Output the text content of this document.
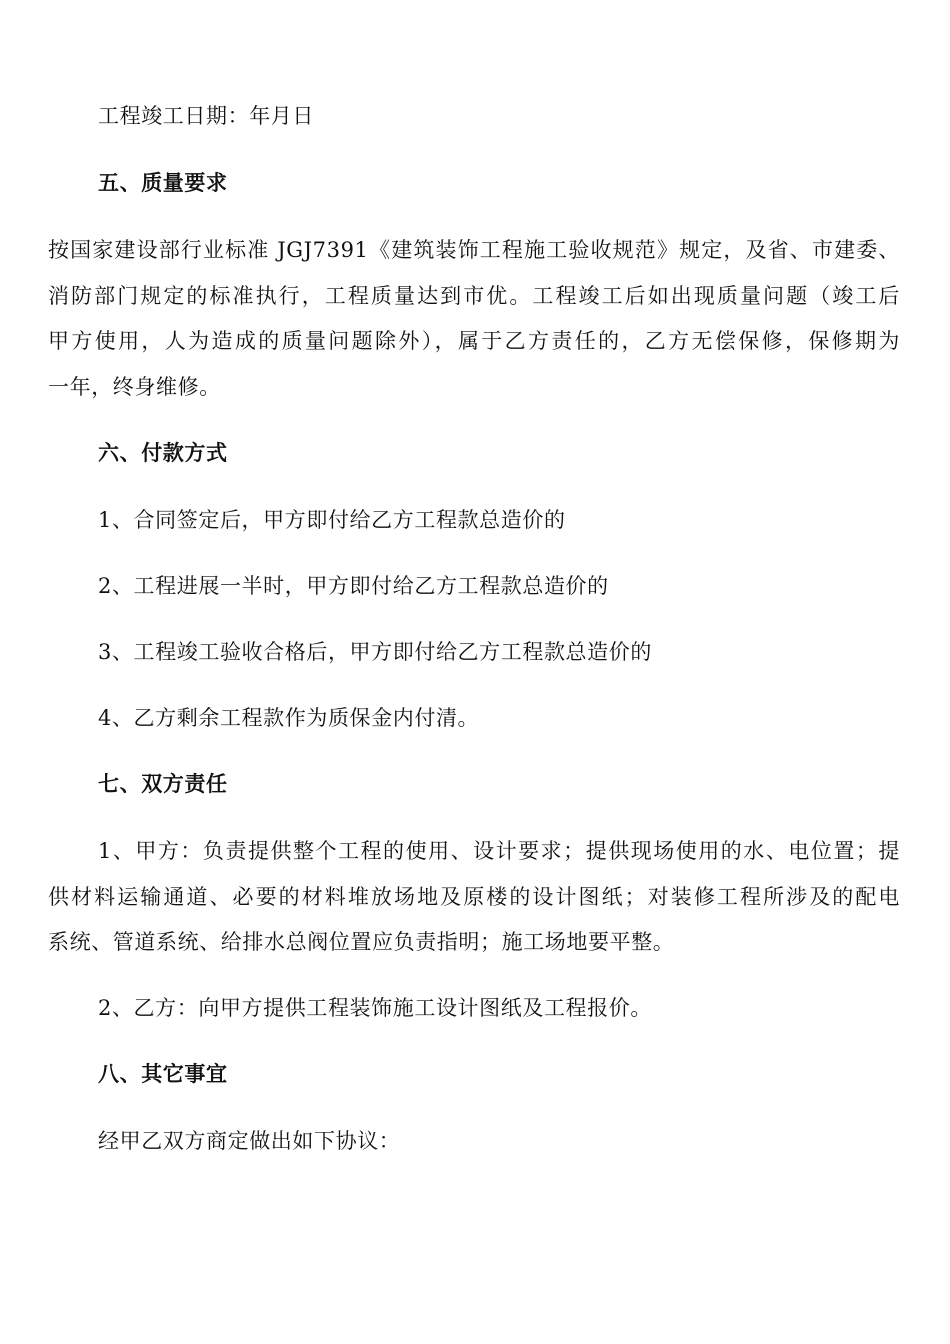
工程竣工日期：年月日
五、质量要求
按国家建设部行业标准 JGJ7391《建筑装饰工程施工验收规范》规定，及省、市建委、
消防部门规定的标准执行，工程质量达到市优。工程竣工后如出现质量问题（竣工后
甲方使用，人为造成的质量问题除外），属于乙方责任的，乙方无偿保修，保修期为
一年，终身维修。
六、付款方式
1、合同签定后，甲方即付给乙方工程款总造价的
2、工程进展一半时，甲方即付给乙方工程款总造价的
3、工程竣工验收合格后，甲方即付给乙方工程款总造价的
4、乙方剩余工程款作为质保金内付清。
七、双方责任
1、甲方：负责提供整个工程的使用、设计要求；提供现场使用的水、电位置；提
供材料运输通道、必要的材料堆放场地及原楼的设计图纸；对装修工程所涉及的配电
系统、管道系统、给排水总阀位置应负责指明；施工场地要平整。
2、乙方：向甲方提供工程装饰施工设计图纸及工程报价。
八、其它事宜
经甲乙双方商定做出如下协议：
